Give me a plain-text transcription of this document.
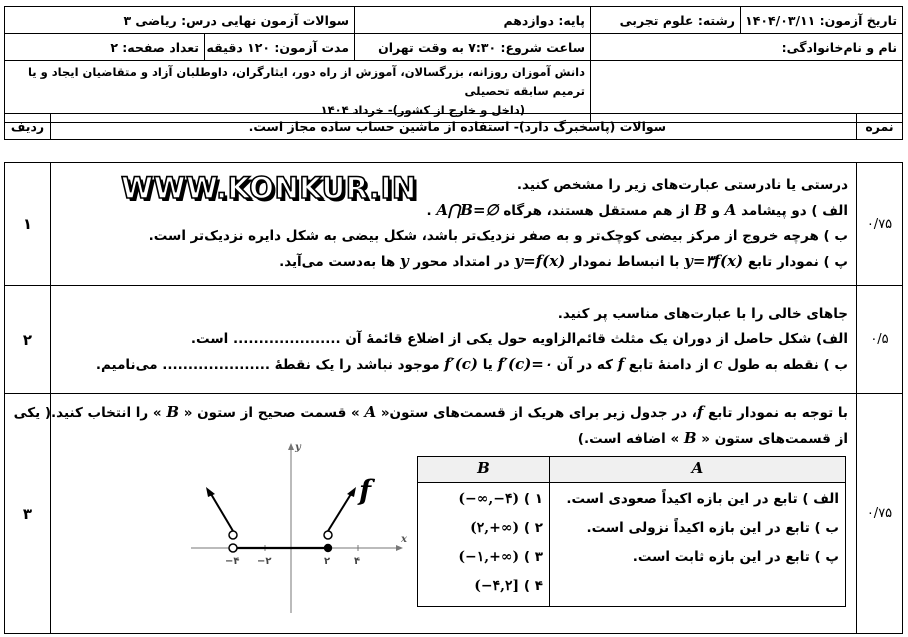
سوالات آزمون نهایی درس: ریاضی ۳		پایه: دوازدهم	رشته: علوم تجربی	تاریخ آزمون: ۱۴۰۴/۰۳/۱۱
تعداد صفحه: ۲	مدت آزمون: ۱۲۰ دقیقه	ساعت شروع: ۷:۳۰ به وقت تهران	نام و نام‌خانوادگی:	

دانش آموزان روزانه، بزرگسالان، آموزش از راه دور، ایثارگران، داوطلبان آزاد و متقاضیان ایجاد و یا ترمیم سابقه تحصیلی
(داخل و خارج از کشور)- خرداد ۱۴۰۴				

ردیف	سوالات (پاسخبرگ دارد)- استفاده از ماشین حساب ساده مجاز است.	نمره
۱	
WWW.KONKUR.IN	درستی یا نادرستی عبارت‌های زیر را مشخص کنید.
الف ) دو پیشامد A و B از هم مستقل هستند، هرگاه A⋂B=∅ .
ب ) هرچه خروج از مرکز بیضی کوچک‌تر و به صفر نزدیک‌تر باشد، شکل بیضی به شکل دایره نزدیک‌تر است.
پ ) نمودار تابع (x)y=۳f با انبساط نمودار y=f(x) در امتداد محور y ها به‌دست می‌آید.
	۰/۷۵
۲	
جاهای خالی را با عبارت‌های مناسب پر کنید.
الف) شکل حاصل از دوران یک مثلث قائم‌الزاویه حول یکی از اضلاع قائمهٔ آن ..................... است.
ب ) نقطه به طول c از دامنهٔ تابع f که در آن f′(c)=۰ یا (c)f′ موجود نباشد را یک نقطهٔ ..................... می‌نامیم.
	۰/۵
۳	
با توجه به نمودار تابع f، در جدول زیر برای هریک از قسمت‌های ستون« A » قسمت صحیح از ستون « B » را انتخاب کنید.( یکی
از قسمت‌های ستون « B » اضافه است.)
A	B

الف ) تابع در این بازه اکیداً صعودی است.
ب ) تابع در این بازه اکیداً نزولی است.
پ ) تابع در این بازه ثابت است.

۱ ) (−∞,−۴)
۲ ) (۲,+∞)
۳ ) (−۱,+∞)
۴ ) (−۴,۲]
x
y
−۴ −۲	۲ ۴
f
	۰/۷۵
